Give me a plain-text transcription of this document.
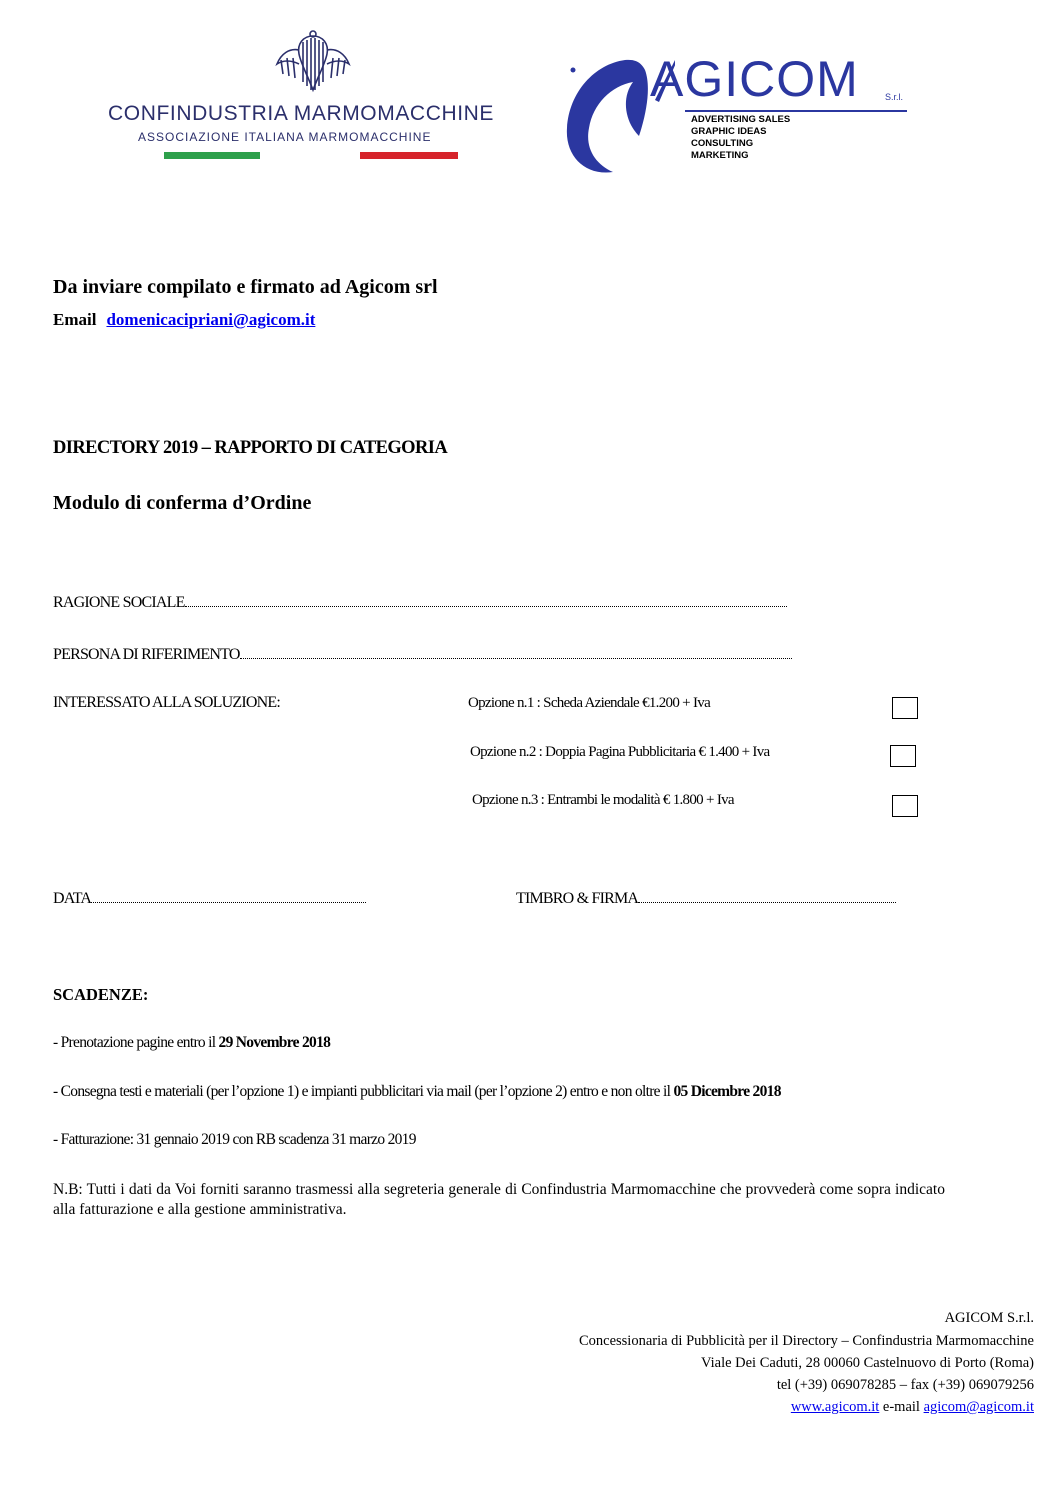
CONFINDUSTRIA MARMOMACCHINE
ASSOCIAZIONE ITALIANA MARMOMACCHINE
AGICOM	S.r.l.
ADVERTISING SALES
GRAPHIC IDEAS
CONSULTING
MARKETING
Da inviare compilato e firmato ad Agicom srl
Email domenicacipriani@agicom.it
DIRECTORY 2019 – RAPPORTO DI CATEGORIA
Modulo di conferma d’Ordine
RAGIONE SOCIALE
PERSONA DI RIFERIMENTO
INTERESSATO ALLA SOLUZIONE:	Opzione n.1 : Scheda Aziendale €1.200 + Iva
Opzione n.2 : Doppia Pagina Pubblicitaria € 1.400 + Iva
Opzione n.3 : Entrambi le modalità € 1.800 + Iva
DATA	TIMBRO & FIRMA
SCADENZE:
- Prenotazione pagine entro il 29 Novembre 2018
- Consegna testi e materiali (per l’opzione 1) e impianti pubblicitari via mail (per l’opzione 2) entro e non oltre il 05 Dicembre 2018
- Fatturazione: 31 gennaio 2019 con RB scadenza 31 marzo 2019
N.B: Tutti i dati da Voi forniti saranno trasmessi alla segreteria generale di Confindustria Marmomacchine che provvederà come sopra indicato alla fatturazione e alla gestione amministrativa.
AGICOM S.r.l.
Concessionaria di Pubblicità per il Directory – Confindustria Marmomacchine
Viale Dei Caduti, 28 00060 Castelnuovo di Porto (Roma)
tel (+39) 069078285 – fax (+39) 069079256
www.agicom.it e-mail agicom@agicom.it
